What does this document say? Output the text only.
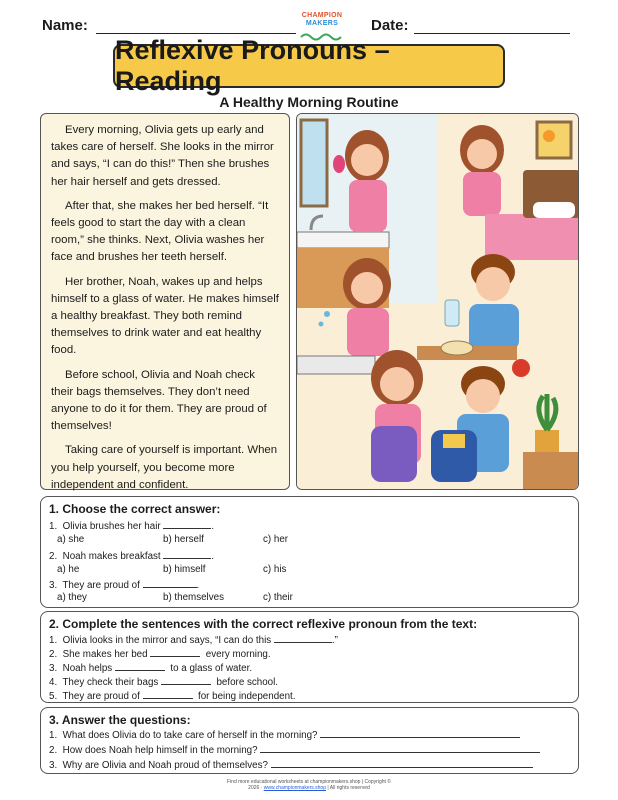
Name:
CHAMPION
MAKERS	Date:
Reflexive Pronouns – Reading
A Healthy Morning Routine

Every morning, Olivia gets up early and takes care of herself. She looks in the mirror and says, “I can do this!” Then she brushes her hair herself and gets dressed.

After that, she makes her bed herself. “It feels good to start the day with a clean room,” she thinks. Next, Olivia washes her face and brushes her teeth herself.

Her brother, Noah, wakes up and helps himself to a glass of water. He makes himself a healthy breakfast. They both remind themselves to drink water and eat healthy food.

Before school, Olivia and Noah check their bags themselves. They don’t need anyone to do it for them. They are proud of themselves!

Taking care of yourself is important. When you help yourself, you become more independent and confident.

1. Choose the correct answer:
1. Olivia brushes her hair	.
a) she	b) herself	c) her
2. Noah makes breakfast	.
a) he	b) himself	c) his
3. They are proud of	.
a) they	b) themselves	c) their
2. Complete the sentences with the correct reflexive pronoun from the text:
1. Olivia looks in the mirror and says, “I can do this	.”
2. She makes her bed	every morning.
3. Noah helps	to a glass of water.
4. They check their bags	before school.
5. They are proud of	for being independent.
3. Answer the questions:
1. What does Olivia do to take care of herself in the morning?
2. How does Noah help himself in the morning?
3. Why are Olivia and Noah proud of themselves?
Find more educational worksheets at championmakers.shop | Copyright ©
2026 · www.championmakers.shop | All rights reserved
